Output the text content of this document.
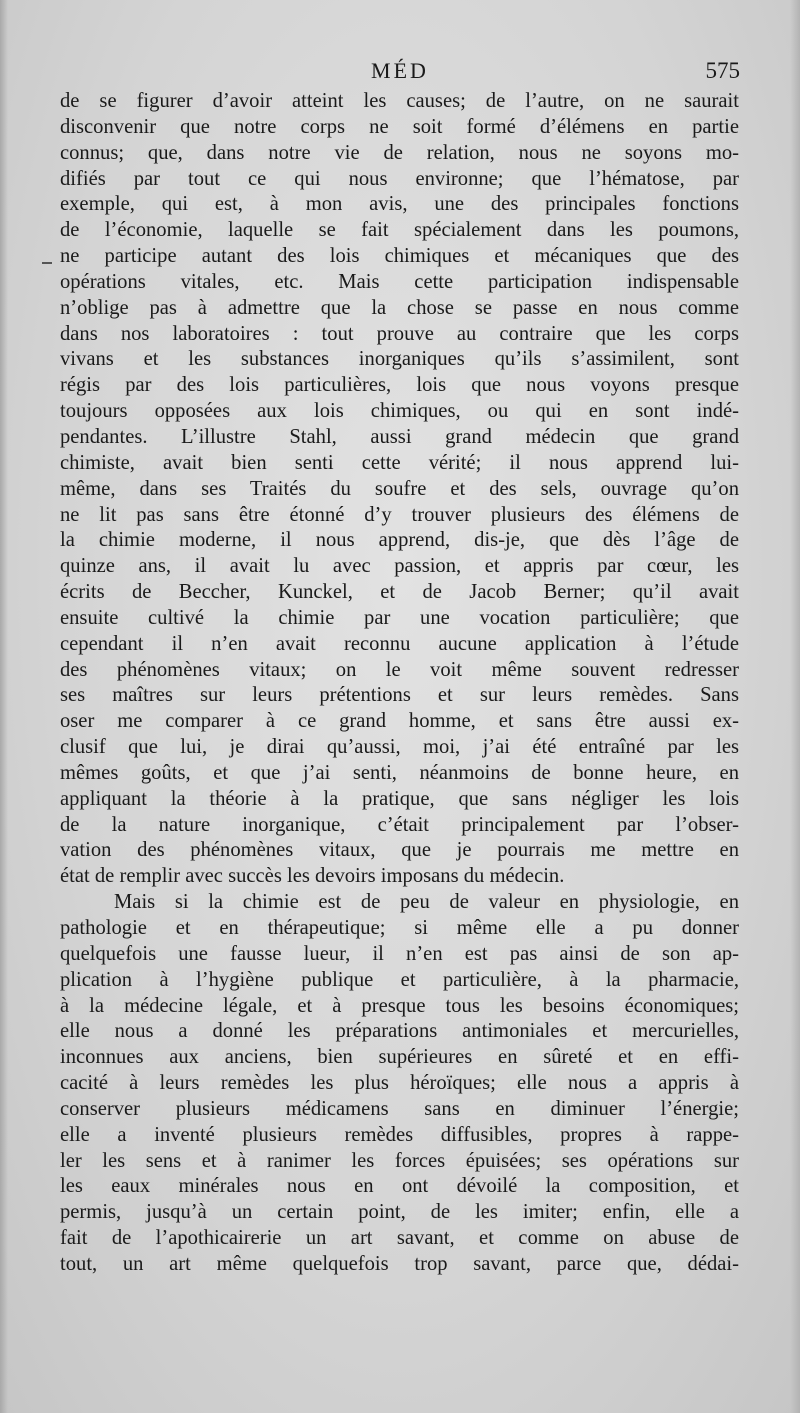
MÉD	575
de se figurer d’avoir atteint les causes; de l’autre, on ne saurait
disconvenir que notre corps ne soit formé d’élémens en partie
connus; que, dans notre vie de relation, nous ne soyons mo-
difiés par tout ce qui nous environne; que l’hématose, par
exemple, qui est, à mon avis, une des principales fonctions
de l’économie, laquelle se fait spécialement dans les poumons,
ne participe autant des lois chimiques et mécaniques que des
opérations vitales, etc. Mais cette participation indispensable
n’oblige pas à admettre que la chose se passe en nous comme
dans nos laboratoires : tout prouve au contraire que les corps
vivans et les substances inorganiques qu’ils s’assimilent, sont
régis par des lois particulières, lois que nous voyons presque
toujours opposées aux lois chimiques, ou qui en sont indé-
pendantes. L’illustre Stahl, aussi grand médecin que grand
chimiste, avait bien senti cette vérité; il nous apprend lui-
même, dans ses Traités du soufre et des sels, ouvrage qu’on
ne lit pas sans être étonné d’y trouver plusieurs des élémens de
la chimie moderne, il nous apprend, dis-je, que dès l’âge de
quinze ans, il avait lu avec passion, et appris par cœur, les
écrits de Beccher, Kunckel, et de Jacob Berner; qu’il avait
ensuite cultivé la chimie par une vocation particulière; que
cependant il n’en avait reconnu aucune application à l’étude
des phénomènes vitaux; on le voit même souvent redresser
ses maîtres sur leurs prétentions et sur leurs remèdes. Sans
oser me comparer à ce grand homme, et sans être aussi ex-
clusif que lui, je dirai qu’aussi, moi, j’ai été entraîné par les
mêmes goûts, et que j’ai senti, néanmoins de bonne heure, en
appliquant la théorie à la pratique, que sans négliger les lois
de la nature inorganique, c’était principalement par l’obser-
vation des phénomènes vitaux, que je pourrais me mettre en
état de remplir avec succès les devoirs imposans du médecin.
Mais si la chimie est de peu de valeur en physiologie, en
pathologie et en thérapeutique; si même elle a pu donner
quelquefois une fausse lueur, il n’en est pas ainsi de son ap-
plication à l’hygiène publique et particulière, à la pharmacie,
à la médecine légale, et à presque tous les besoins économiques;
elle nous a donné les préparations antimoniales et mercurielles,
inconnues aux anciens, bien supérieures en sûreté et en effi-
cacité à leurs remèdes les plus héroïques; elle nous a appris à
conserver plusieurs médicamens sans en diminuer l’énergie;
elle a inventé plusieurs remèdes diffusibles, propres à rappe-
ler les sens et à ranimer les forces épuisées; ses opérations sur
les eaux minérales nous en ont dévoilé la composition, et
permis, jusqu’à un certain point, de les imiter; enfin, elle a
fait de l’apothicairerie un art savant, et comme on abuse de
tout, un art même quelquefois trop savant, parce que, dédai-
